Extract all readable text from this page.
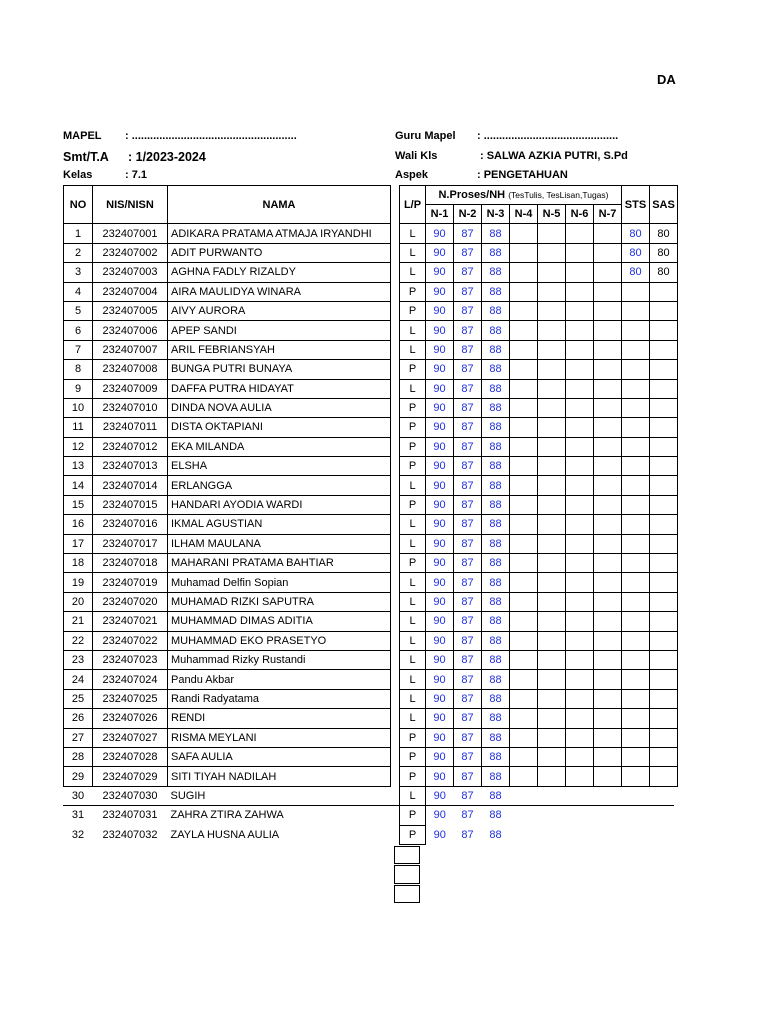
DA
MAPEL : ......................................................
Smt/T.A : 1/2023-2024
Kelas	: 7.1
Guru Mapel : ............................................
Wali Kls	: SALWA AZKIA PUTRI, S.Pd
Aspek	: PENGETAHUAN
NO	NIS/NISN	NAMA		L/P	N.Proses/NH (TesTulis, TesLisan,Tugas)							STS	SAS
					N-1	N-2	N-3	N-4	N-5	N-6	N-7		
1	232407001	ADIKARA PRATAMA ATMAJA IRYANDHI		L	90	87	88					80	80
2	232407002	ADIT PURWANTO		L	90	87	88					80	80
3	232407003	AGHNA FADLY RIZALDY		L	90	87	88					80	80
4	232407004	AIRA MAULIDYA WINARA		P	90	87	88						
5	232407005	AIVY AURORA		P	90	87	88						
6	232407006	APEP SANDI		L	90	87	88						
7	232407007	ARIL FEBRIANSYAH		L	90	87	88						
8	232407008	BUNGA PUTRI BUNAYA		P	90	87	88						
9	232407009	DAFFA PUTRA HIDAYAT		L	90	87	88						
10	232407010	DINDA NOVA AULIA		P	90	87	88						
11	232407011	DISTA OKTAPIANI		P	90	87	88						
12	232407012	EKA MILANDA		P	90	87	88						
13	232407013	ELSHA		P	90	87	88						
14	232407014	ERLANGGA		L	90	87	88						
15	232407015	HANDARI AYODIA WARDI		P	90	87	88						
16	232407016	IKMAL AGUSTIAN		L	90	87	88						
17	232407017	ILHAM MAULANA		L	90	87	88						
18	232407018	MAHARANI PRATAMA BAHTIAR		P	90	87	88						
19	232407019	Muhamad Delfin Sopian		L	90	87	88						
20	232407020	MUHAMAD RIZKI SAPUTRA		L	90	87	88						
21	232407021	MUHAMMAD DIMAS ADITIA		L	90	87	88						
22	232407022	MUHAMMAD EKO PRASETYO		L	90	87	88						
23	232407023	Muhammad Rizky Rustandi		L	90	87	88						
24	232407024	Pandu Akbar		L	90	87	88						
25	232407025	Randi Radyatama		L	90	87	88						
26	232407026	RENDI		L	90	87	88						
27	232407027	RISMA MEYLANI		P	90	87	88						
28	232407028	SAFA AULIA		P	90	87	88						
29	232407029	SITI TIYAH NADILAH		P	90	87	88						
30	232407030	SUGIH		L	90	87	88						
31	232407031	ZAHRA ZTIRA ZAHWA		P	90	87	88						
32	232407032	ZAYLA HUSNA AULIA		P	90	87	88						
